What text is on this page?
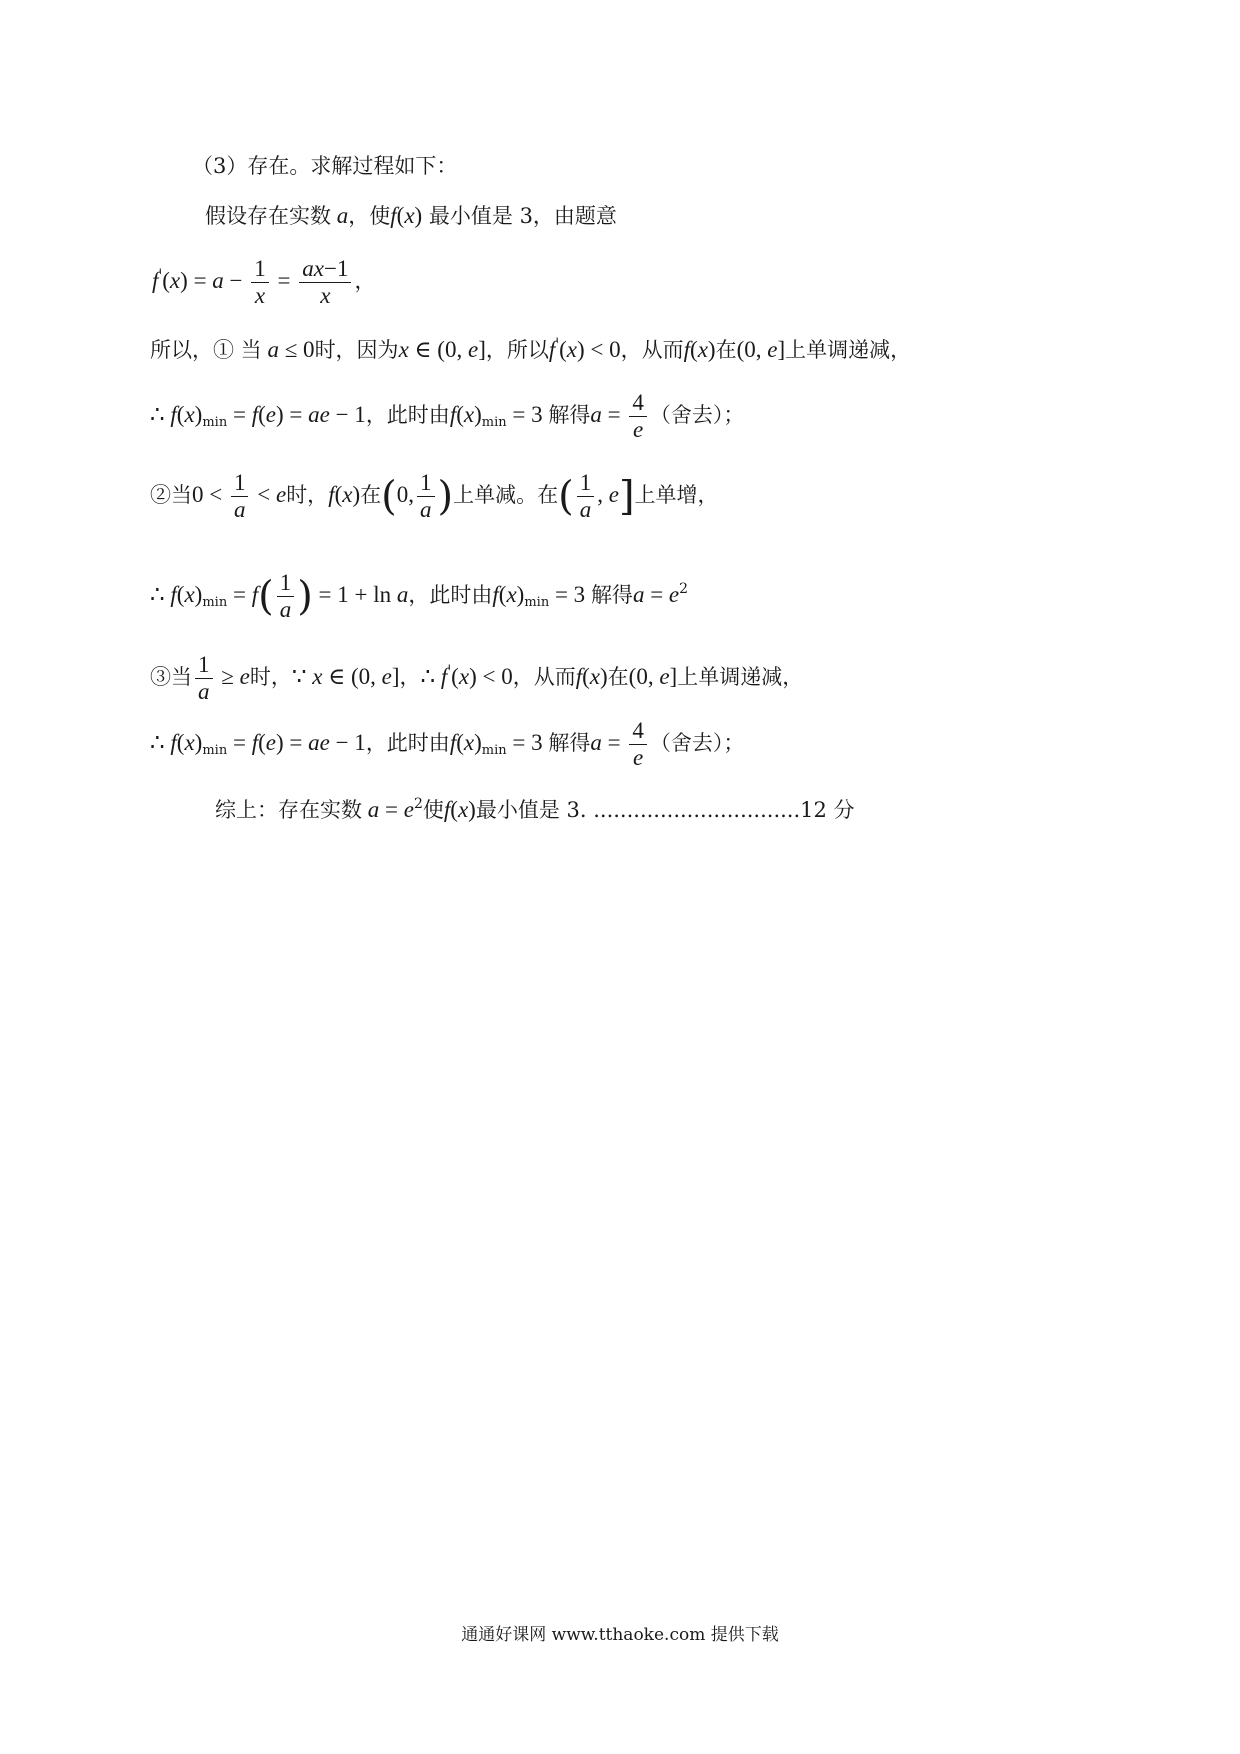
（3）存在。求解过程如下：
假设存在实数 a，使f(x) 最小值是 3，由题意
$f'(x) = a - \frac{1}{x} = \frac{ax-1}{x}$ ，
所以，① 当 a ≤ 0时，因为x ∈ (0, e]，所以f'(x) < 0，从而f(x)在(0, e]上单调递减，
∴ $f(x)_{min} = f(e)$ = ae − 1，此时由$f(x)_{min} = 3$ 解得$a = \frac{4}{e}$ （舍去）；
②当$0 < \frac{1}{a} < e$时，f(x)在(0, $\frac{1}{a}$ )上单减。在( $\frac{1}{a}$ , e]上单增，
∴ $f(x)_{min} = f( \frac{1}{a}$ ) = 1 + ln a，此时由$f(x)_{min} = 3$ 解得$a = e^2$
③当 $\frac{1}{a} \ge e$时，∵ x ∈ (0, e]，∴ f'(x) < 0，从而f(x)在(0, e]上单调递减，
∴ $f(x)_{min} = f(e)$ = ae − 1，此时由$f(x)_{min} = 3$ 解得$a = \frac{4}{e}$ （舍去）；
综上：存在实数 $a = e^2$使f(x)最小值是 3. ...............................12 分
通通好课网 www.tthaoke.com 提供下载
